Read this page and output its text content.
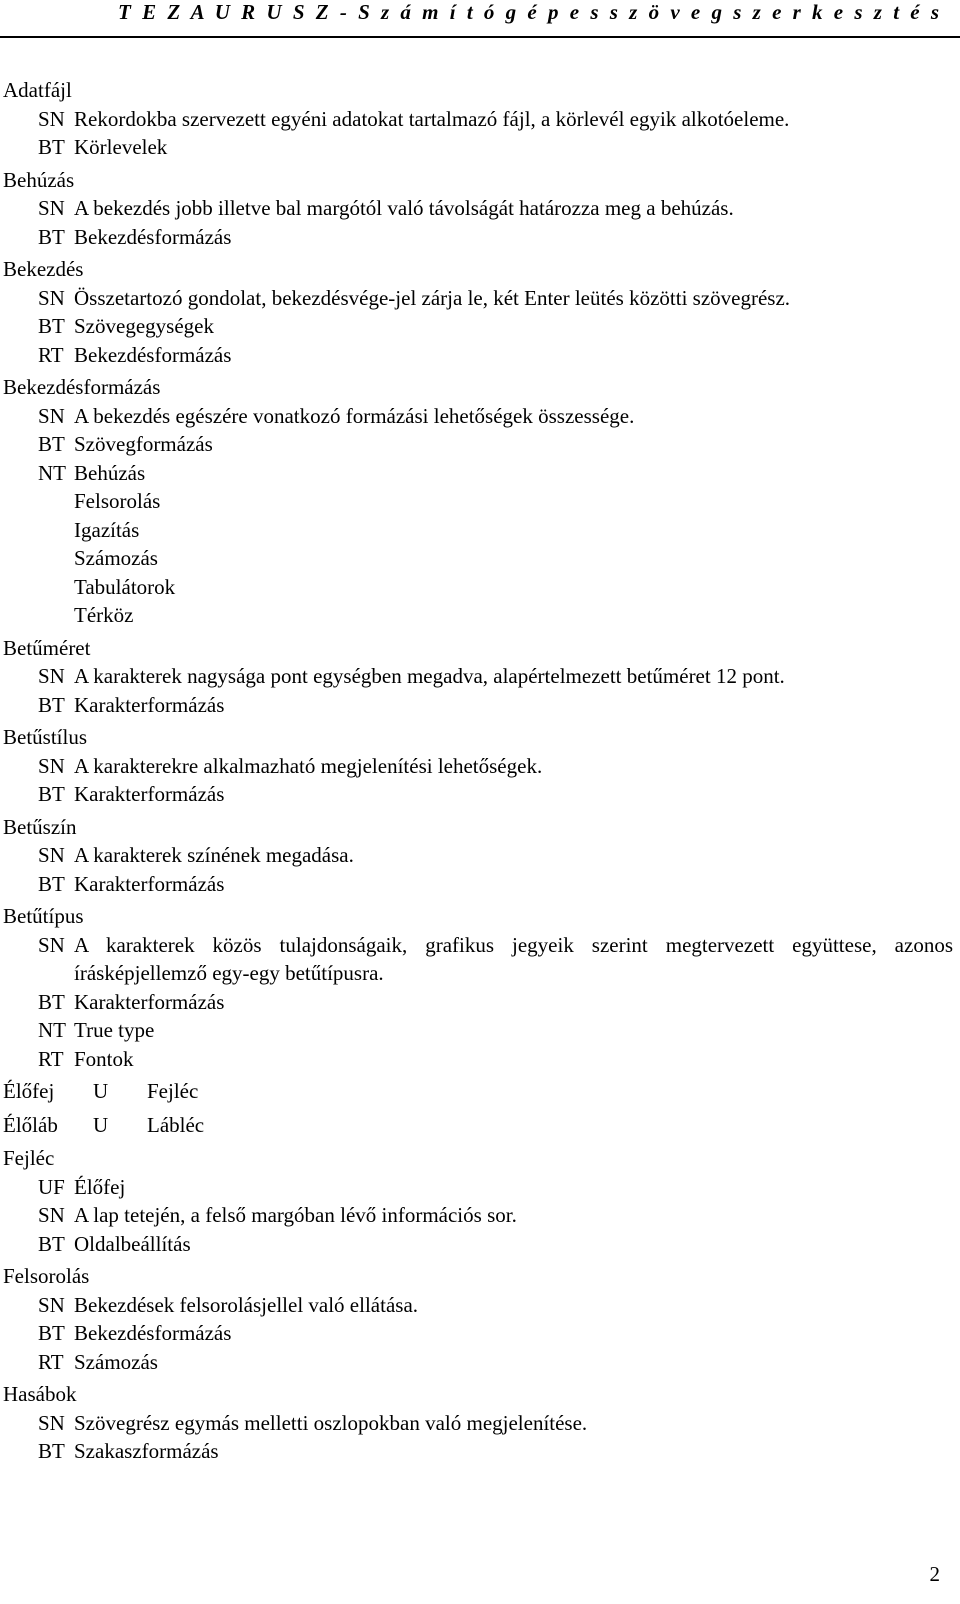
T E Z A U R U S Z - S z á m í t ó g é p e s s z ö v e g s z e r k e s z t é s
Adatfájl
SN Rekordokba szervezett egyéni adatokat tartalmazó fájl, a körlevél egyik alkotóeleme.
BT Körlevelek
Behúzás
SN A bekezdés jobb illetve bal margótól való távolságát határozza meg a behúzás.
BT Bekezdésformázás
Bekezdés
SN Összetartozó gondolat, bekezdésvége-jel zárja le, két Enter leütés közötti szövegrész.
BT Szövegegységek
RT Bekezdésformázás
Bekezdésformázás
SN A bekezdés egészére vonatkozó formázási lehetőségek összessége.
BT Szövegformázás
NT Behúzás
Felsorolás
Igazítás
Számozás
Tabulátorok
Térköz
Betűméret
SN A karakterek nagysága pont egységben megadva, alapértelmezett betűméret 12 pont.
BT Karakterformázás
Betűstílus
SN A karakterekre alkalmazható megjelenítési lehetőségek.
BT Karakterformázás
Betűszín
SN A karakterek színének megadása.
BT Karakterformázás
Betűtípus
SN A karakterek közös tulajdonságaik, grafikus jegyeik szerint megtervezett együttese, azonos írásképjellemző egy-egy betűtípusra.
BT Karakterformázás
NT True type
RT Fontok
Élőfej	U	Fejléc
Élőláb	U	Lábléc
Fejléc
UF Élőfej
SN A lap tetején, a felső margóban lévő információs sor.
BT Oldalbeállítás
Felsorolás
SN Bekezdések felsorolásjellel való ellátása.
BT Bekezdésformázás
RT Számozás
Hasábok
SN Szövegrész egymás melletti oszlopokban való megjelenítése.
BT Szakaszformázás
2
